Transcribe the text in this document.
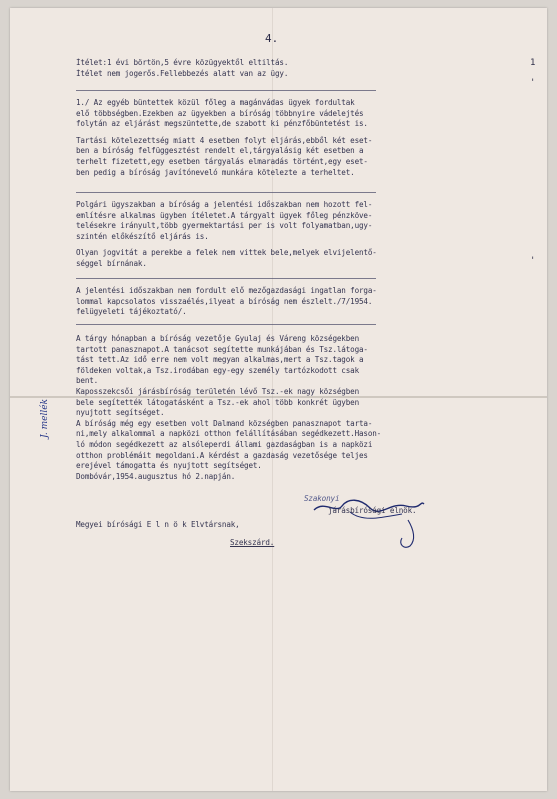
4.
1
'
'
J. mellék
Ítélet:1 évi börtön,5 évre közügyektől eltiltás.
Ítélet nem jogerős.Fellebbezés alatt van az ügy.
1./ Az egyéb büntettek közül főleg a magánvádas ügyek fordultak
elő többségben.Ezekben az ügyekben a bíróság többnyire vádelejtés
folytán az eljárást megszüntette,de szabott ki pénzfőbüntetést is.
Tartási kötelezettség miatt 4 esetben folyt eljárás,ebből két eset-
ben a bíróság felfüggesztést rendelt el,tárgyalásig két esetben a
terhelt fizetett,egy esetben tárgyalás elmaradás történt,egy eset-
ben pedig a bíróság javítóneveló munkára kötelezte a terheltet.
Polgári ügyszakban a bíróság a jelentési időszakban nem hozott fel-
említésre alkalmas ügyben ítéletet.A tárgyalt ügyek főleg pénzköve-
telésekre irányult,több gyermektartási per is volt folyamatban,ugy-
szintén előkészítő eljárás is.
Olyan jogvitát a perekbe a felek nem vittek bele,melyek elvijelentő-
séggel bírnának.
A jelentési időszakban nem fordult elő mezőgazdasági ingatlan forga-
lommal kapcsolatos visszaélés,ilyeat a bíróság nem észlelt./7/1954.
felügyeleti tájékoztató/.
A tárgy hónapban a bíróság vezetője Gyulaj és Váreng községekben
tartott panasznapot.A tanácsot segítette munkájában és Tsz.látoga-
tást tett.Az idő erre nem volt megyan alkalmas,mert a Tsz.tagok a
földeken voltak,a Tsz.irodában egy-egy személy tartózkodott csak
bent.
Kaposszekcsői járásbíróság területén lévő Tsz.-ek nagy községben
bele segítették látogatásként a Tsz.-ek ahol több konkrét ügyben
nyujtott segítséget.
A bíróság még egy esetben volt Dalmand községben panasznapot tarta-
ni,mely alkalommal a napközi otthon felállításában segédkezett.Hason-
ló módon segédkezett az alsóleperdi állami gazdaságban is a napközi
otthon problémáit megoldani.A kérdést a gazdaság vezetősége teljes
erejével támogatta és nyujtott segítséget.
Dombóvár,1954.augusztus hó 2.napján.
Szakonyi
járásbírósági elnök.
Megyei bírósági E l n ö k Elvtársnak,
Szekszárd.
